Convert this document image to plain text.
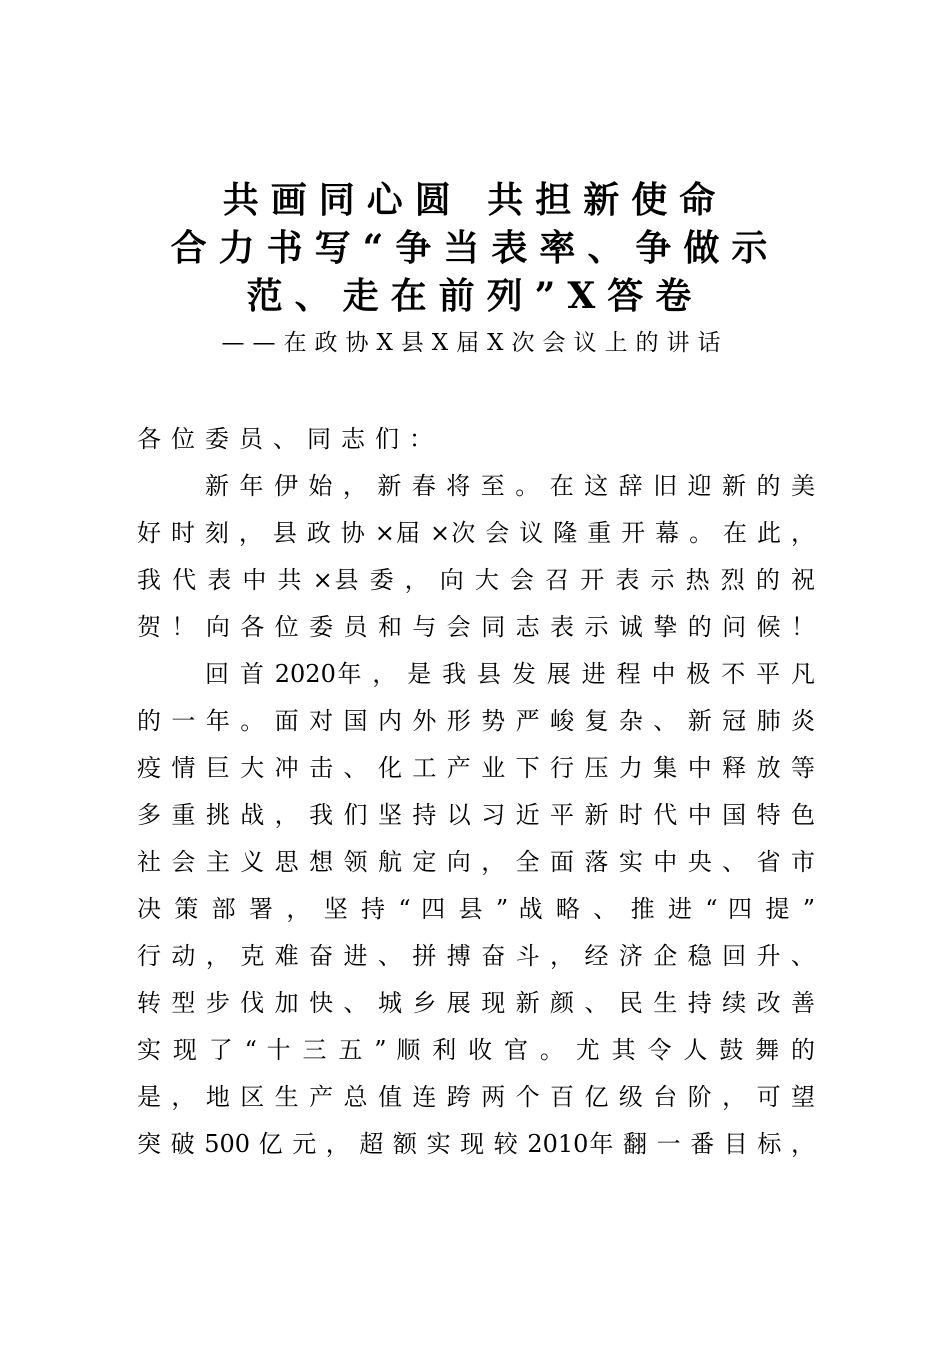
共画同心圆 共担新使命
合力书写“争当表率、争做示
范、走在前列”X答卷
——在政协X县X届X次会议上的讲话
各位委员、同志们：
新 年 伊 始 ， 新 春 将 至 。 在 这 辞 旧 迎 新 的 美
好 时 刻 ， 县 政 协 ×届 ×次 会 议 隆 重 开 幕 。 在 此 ，
我 代 表 中 共 ×县 委 ， 向 大 会 召 开 表 示 热 烈 的 祝
贺 ！ 向 各 位 委 员 和 与 会 同 志 表 示 诚 挚 的 问 候 ！
回 首 2020年 ， 是 我 县 发 展 进 程 中 极 不 平 凡
的 一 年 。 面 对 国 内 外 形 势 严 峻 复 杂 、 新 冠 肺 炎
疫 情 巨 大 冲 击 、 化 工 产 业 下 行 压 力 集 中 释 放 等
多 重 挑 战 ， 我 们 坚 持 以 习 近 平 新 时 代 中 国 特 色
社 会 主 义 思 想 领 航 定 向 ， 全 面 落 实 中 央 、 省 市
决 策 部 署 ， 坚 持 “ 四 县 ” 战 略 、 推 进 “ 四 提 ”
行 动 ， 克 难 奋 进 、 拼 搏 奋 斗 ， 经 济 企 稳 回 升 、
转 型 步 伐 加 快 、 城 乡 展 现 新 颜 、 民 生 持 续 改 善
实 现 了 “ 十 三 五 ” 顺 利 收 官 。 尤 其 令 人 鼓 舞 的
是 ， 地 区 生 产 总 值 连 跨 两 个 百 亿 级 台 阶 ， 可 望
突 破 500 亿 元 ， 超 额 实 现 较 2010年 翻 一 番 目 标 ，
